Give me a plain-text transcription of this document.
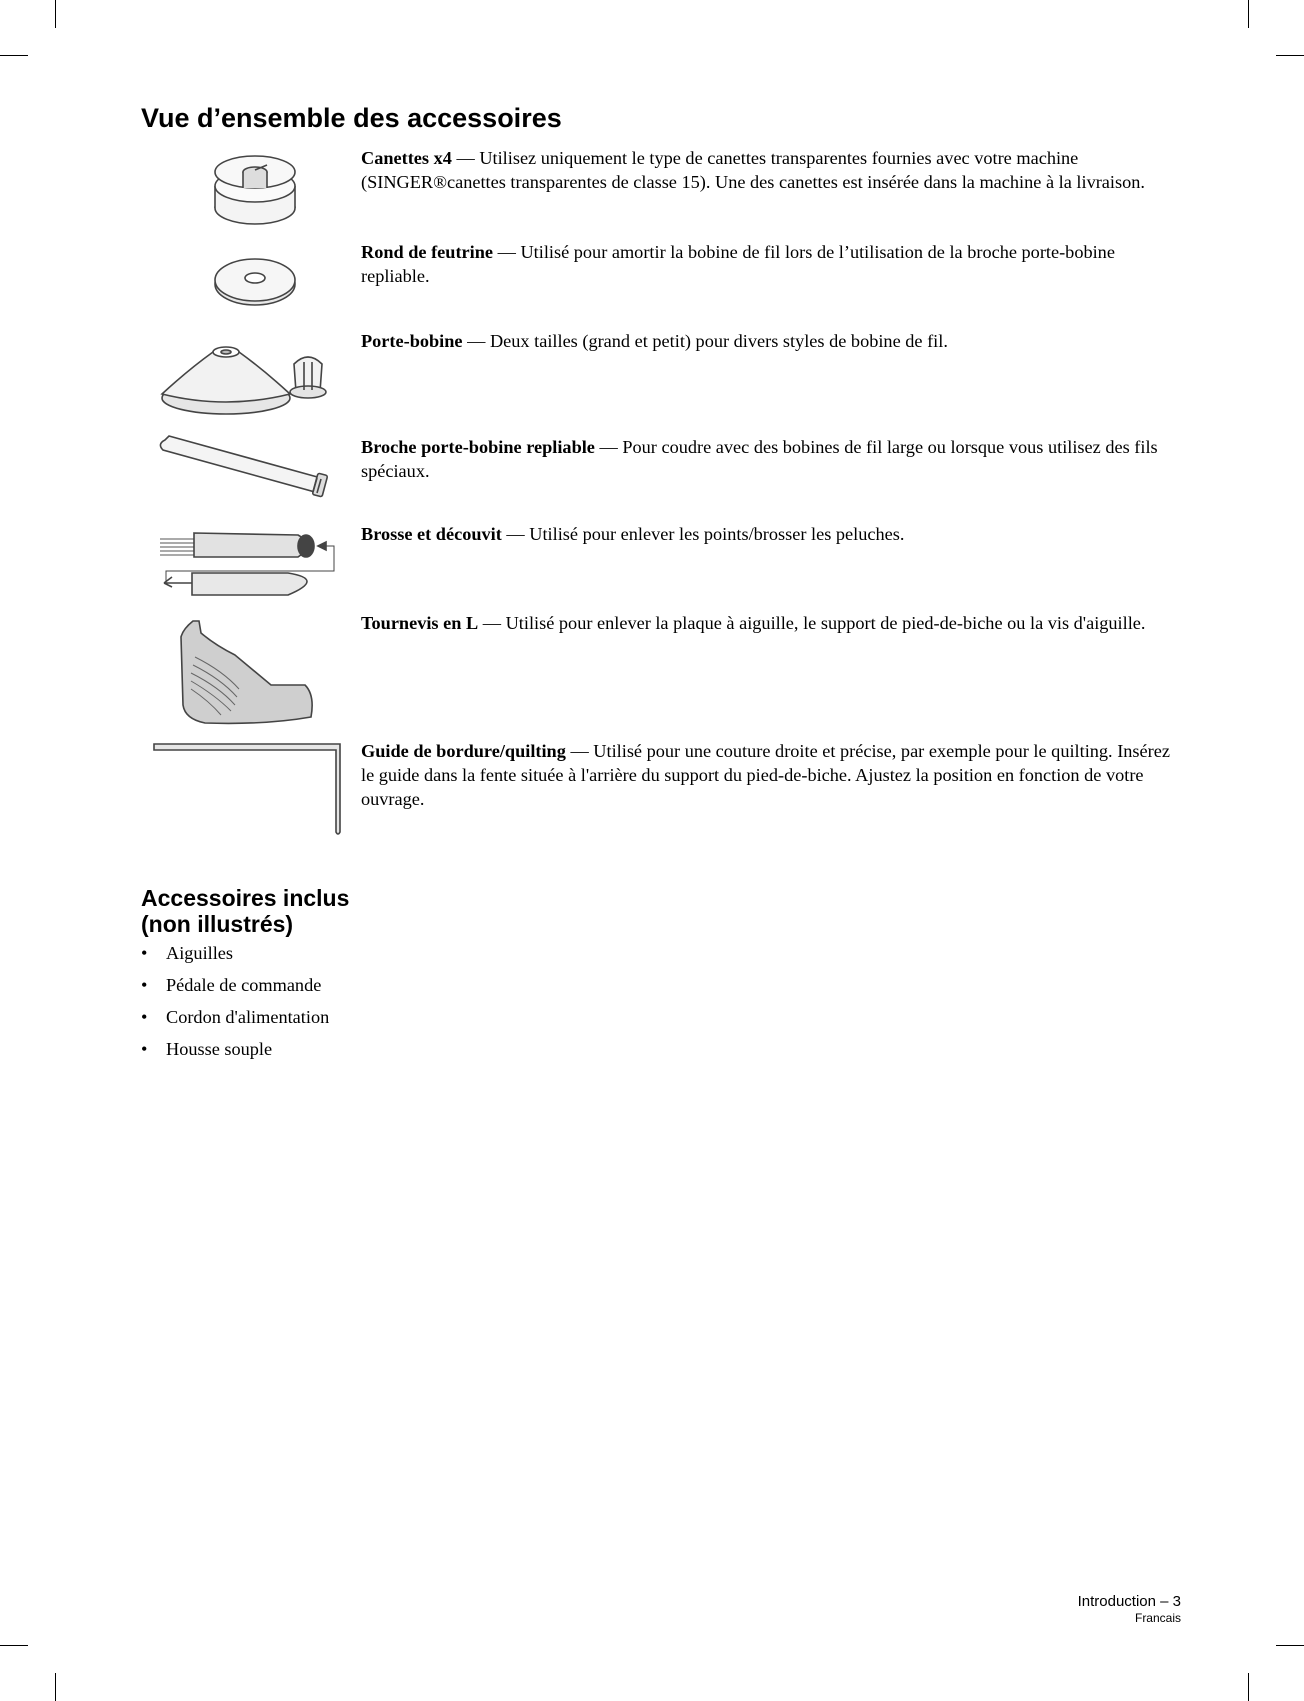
Vue d’ensemble des accessoires

Canettes x4 — Utilisez uniquement le type de canettes transparentes fournies avec votre machine (SINGER®canettes transparentes de classe 15). Une des canettes est insérée dans la machine à la livraison.

Rond de feutrine — Utilisé pour amortir la bobine de fil lors de l’utilisation de la broche porte-bobine repliable.

Porte-bobine — Deux tailles (grand et petit) pour divers styles de bobine de fil.

Broche porte-bobine repliable — Pour coudre avec des bobines de fil large ou lorsque vous utilisez des fils spéciaux.

Brosse et découvit — Utilisé pour enlever les points/brosser les peluches.

Tournevis en L — Utilisé pour enlever la plaque à aiguille, le support de pied-de-biche ou la vis d'aiguille.

Guide de bordure/quilting — Utilisé pour une couture droite et précise, par exemple pour le quilting. Insérez le guide dans la fente située à l'arrière du support du pied-de-biche. Ajustez la position en fonction de votre ouvrage.

Accessoires inclus
(non illustrés)
• Aiguilles
• Pédale de commande
• Cordon d'alimentation
• Housse souple
Introduction – 3
Francais
